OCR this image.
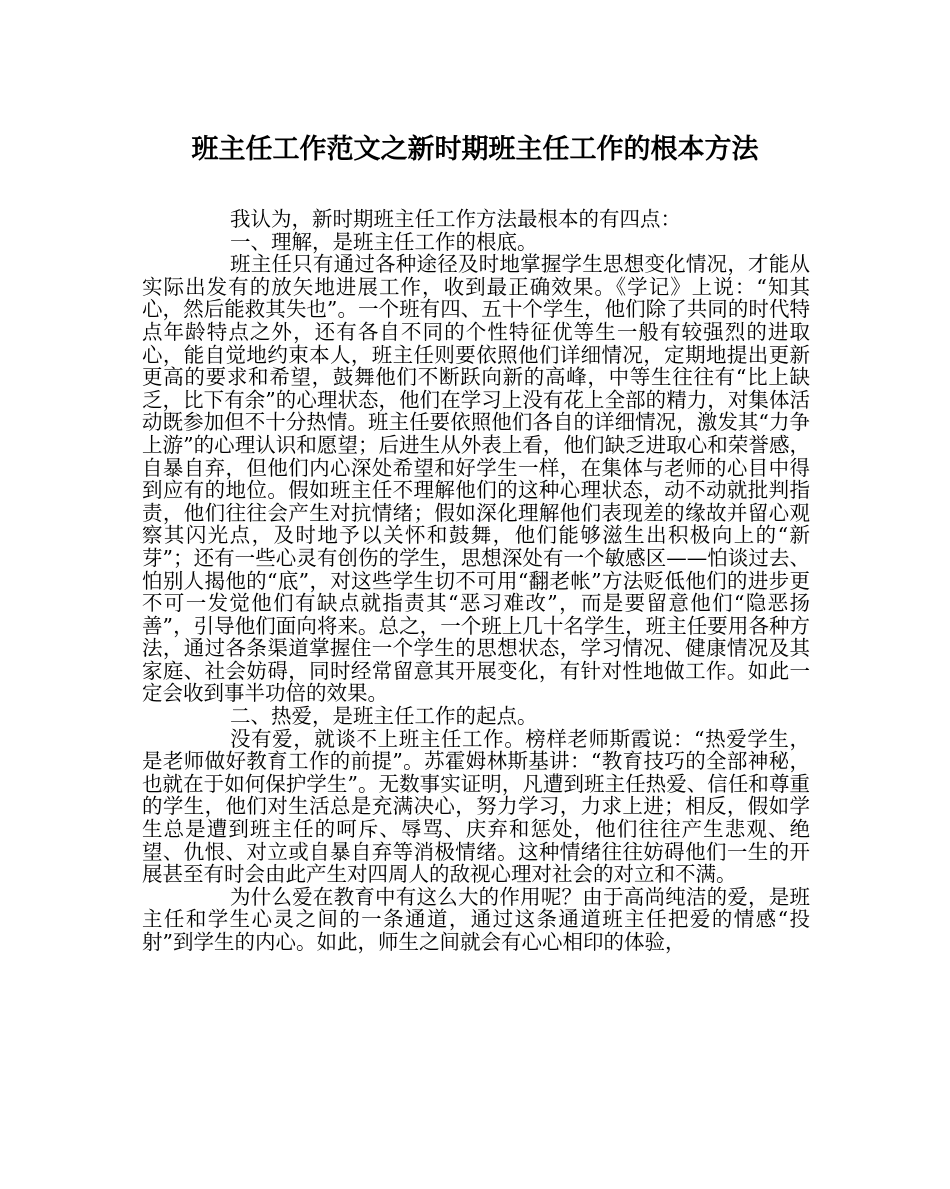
班主任工作范文之新时期班主任工作的根本方法

我认为，新时期班主任工作方法最根本的有四点：

一、理解，是班主任工作的根底。

班主任只有通过各种途径及时地掌握学生思想变化情况，才能从实际出发有的放矢地进展工作，收到最正确效果。《学记》上说：“知其心，然后能救其失也”。一个班有四、五十个学生，他们除了共同的时代特点年龄特点之外，还有各自不同的个性特征优等生一般有较强烈的进取心，能自觉地约束本人，班主任则要依照他们详细情况，定期地提出更新更高的要求和希望，鼓舞他们不断跃向新的高峰，中等生往往有“比上缺乏，比下有余”的心理状态，他们在学习上没有花上全部的精力，对集体活动既参加但不十分热情。班主任要依照他们各自的详细情况，激发其“力争上游”的心理认识和愿望；后进生从外表上看，他们缺乏进取心和荣誉感，自暴自弃，但他们内心深处希望和好学生一样，在集体与老师的心目中得到应有的地位。假如班主任不理解他们的这种心理状态，动不动就批判指责，他们往往会产生对抗情绪；假如深化理解他们表现差的缘故并留心观察其闪光点，及时地予以关怀和鼓舞，他们能够滋生出积极向上的“新芽”；还有一些心灵有创伤的学生，思想深处有一个敏感区——怕谈过去、怕别人揭他的“底”，对这些学生切不可用“翻老帐”方法贬低他们的进步更不可一发觉他们有缺点就指责其“恶习难改”，而是要留意他们“隐恶扬善”，引导他们面向将来。总之，一个班上几十名学生，班主任要用各种方法，通过各条渠道掌握住一个学生的思想状态，学习情况、健康情况及其家庭、社会妨碍，同时经常留意其开展变化，有针对性地做工作。如此一定会收到事半功倍的效果。

二、热爱，是班主任工作的起点。

没有爱，就谈不上班主任工作。榜样老师斯霞说：“热爱学生，是老师做好教育工作的前提”。苏霍姆林斯基讲：“教育技巧的全部神秘，也就在于如何保护学生”。无数事实证明，凡遭到班主任热爱、信任和尊重的学生，他们对生活总是充满决心，努力学习，力求上进；相反，假如学生总是遭到班主任的呵斥、辱骂、庆弃和惩处，他们往往产生悲观、绝望、仇恨、对立或自暴自弃等消极情绪。这种情绪往往妨碍他们一生的开展甚至有时会由此产生对四周人的敌视心理对社会的对立和不满。

为什么爱在教育中有这么大的作用呢？由于高尚纯洁的爱，是班主任和学生心灵之间的一条通道，通过这条通道班主任把爱的情感“投射”到学生的内心。如此，师生之间就会有心心相印的体验，
